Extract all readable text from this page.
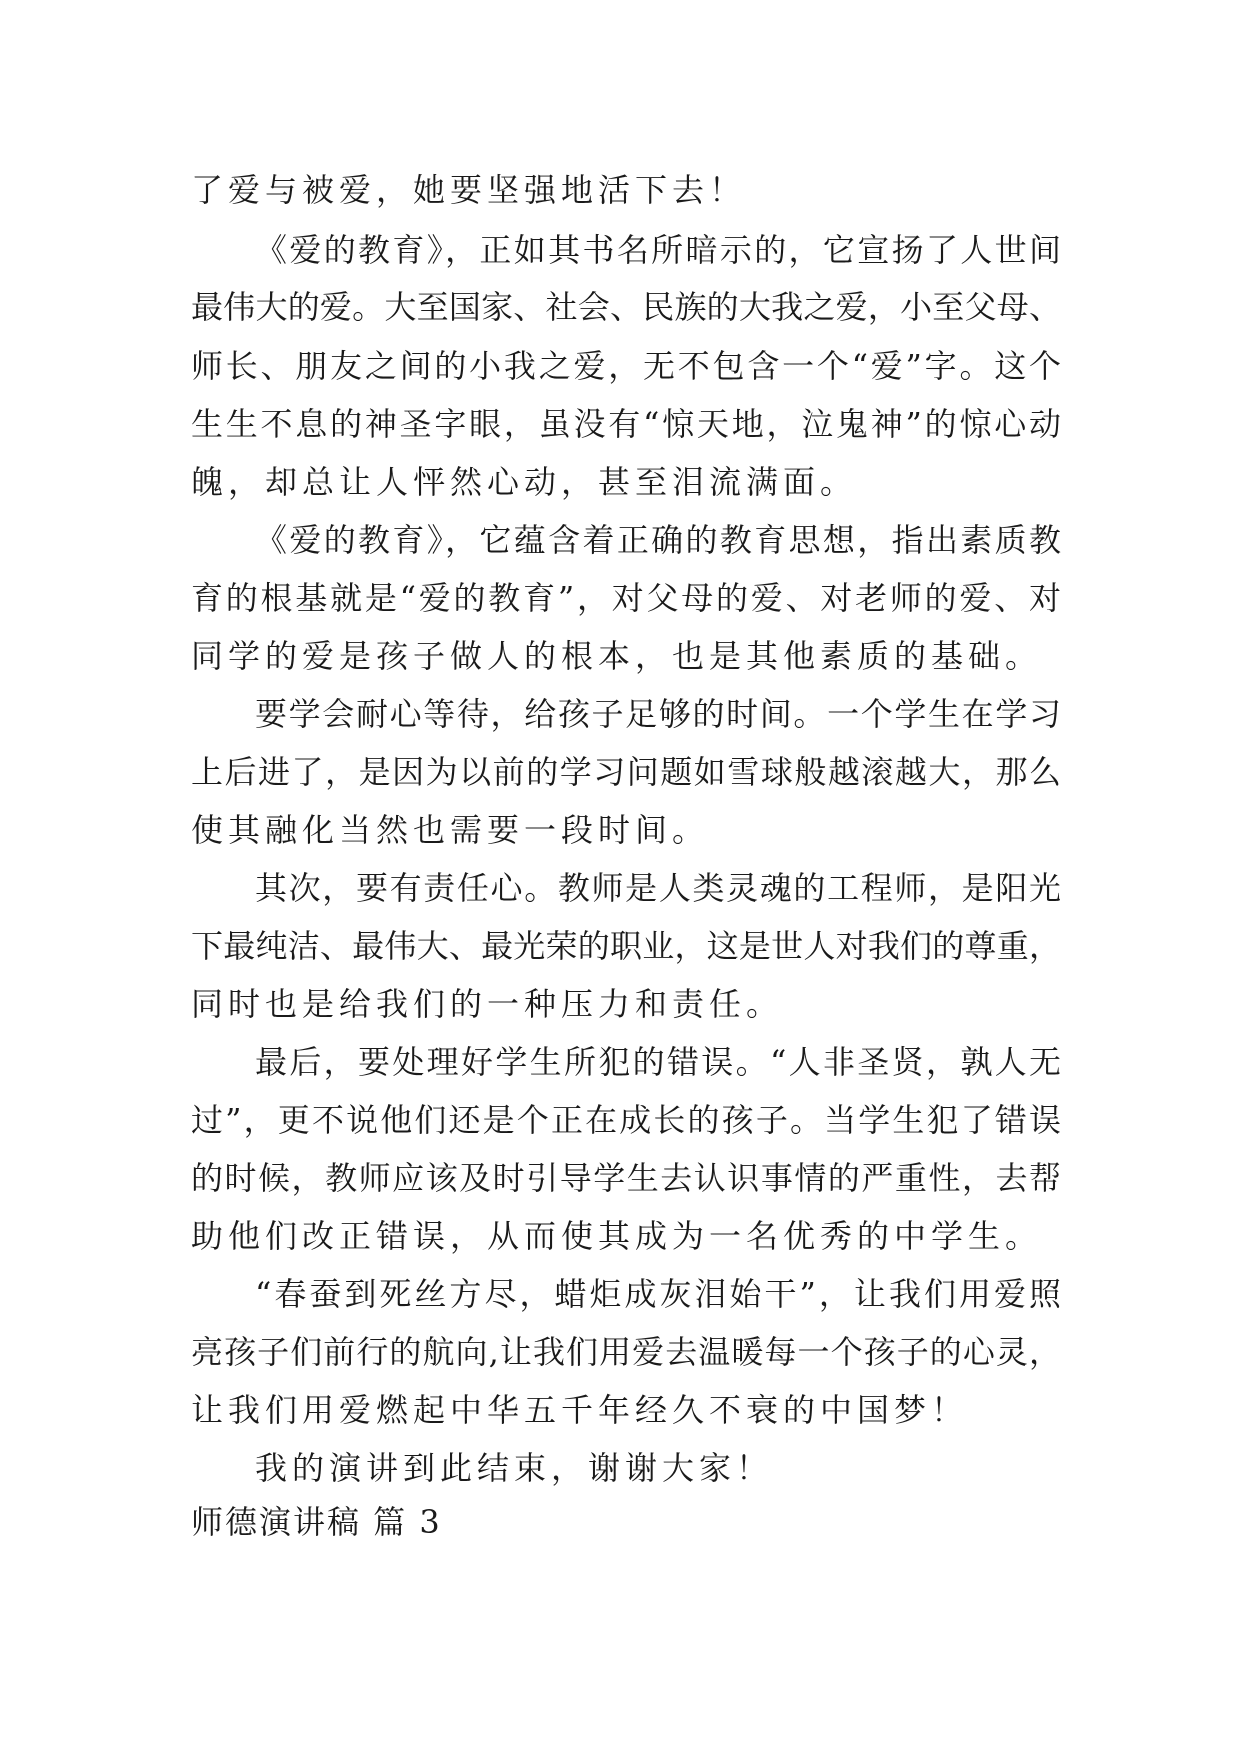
了爱与被爱，她要坚强地活下去！
《爱的教育》，正如其书名所暗示的，它宣扬了人世间
最伟大的爱。大至国家、社会、民族的大我之爱，小至父母、
师长、朋友之间的小我之爱，无不包含一个“爱”字。这个
生生不息的神圣字眼，虽没有“惊天地，泣鬼神”的惊心动
魄，却总让人怦然心动，甚至泪流满面。
《爱的教育》，它蕴含着正确的教育思想，指出素质教
育的根基就是“爱的教育”，对父母的爱、对老师的爱、对
同学的爱是孩子做人的根本，也是其他素质的基础。
要学会耐心等待，给孩子足够的时间。一个学生在学习
上后进了，是因为以前的学习问题如雪球般越滚越大，那么
使其融化当然也需要一段时间。
其次，要有责任心。教师是人类灵魂的工程师，是阳光
下最纯洁、最伟大、最光荣的职业，这是世人对我们的尊重，
同时也是给我们的一种压力和责任。
最后，要处理好学生所犯的错误。“人非圣贤，孰人无
过”，更不说他们还是个正在成长的孩子。当学生犯了错误
的时候，教师应该及时引导学生去认识事情的严重性，去帮
助他们改正错误，从而使其成为一名优秀的中学生。
“春蚕到死丝方尽，蜡炬成灰泪始干”，让我们用爱照
亮孩子们前行的航向,让我们用爱去温暖每一个孩子的心灵，
让我们用爱燃起中华五千年经久不衰的中国梦！
我的演讲到此结束，谢谢大家！
师德演讲稿 篇 3
